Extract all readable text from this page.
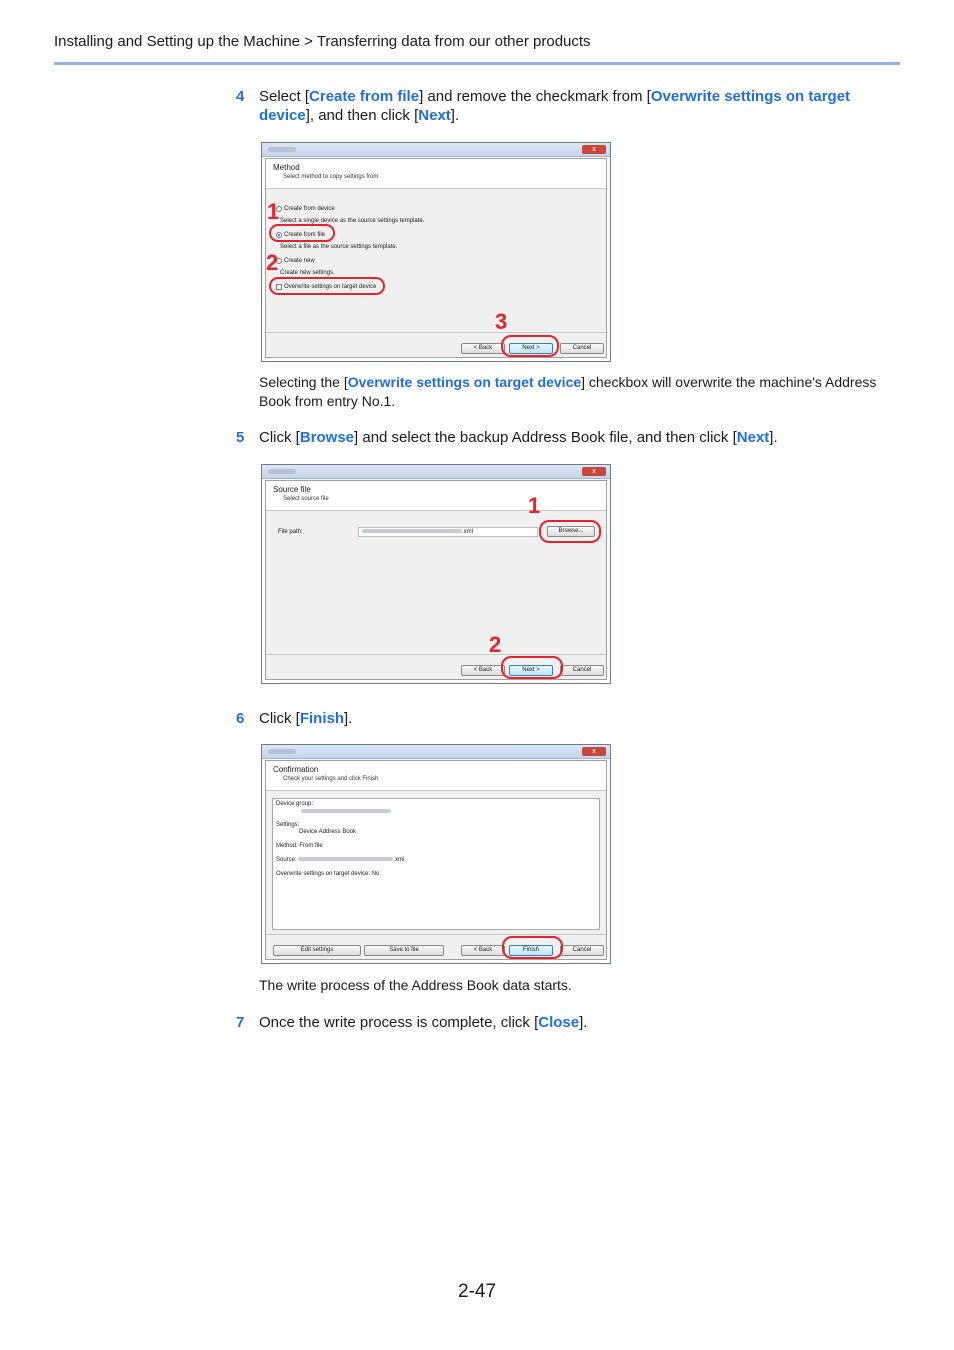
Installing and Setting up the Machine > Transferring data from our other products
4 Select [Create from file] and remove the checkmark from [Overwrite settings on target device], and then click [Next].
x
Method
Select method to copy settings from
Create from device
Select a single device as the source settings template.
Create from file
Select a file as the source settings template.
Create new
Create new settings.
Overwrite settings on target device
< Back	Next >	Cancel
1
2
3
Selecting the [Overwrite settings on target device] checkbox will overwrite the machine's Address Book from entry No.1.
5 Click [Browse] and select the backup Address Book file, and then click [Next].
x
Source file
Select source file
File path:	.xml	Browse...
< Back	Next >	Cancel
1
2
6 Click [Finish].
x
Confirmation
Check your settings and click Finish
Device group:
Settings:
Device Address Book
Method: From file
Source:	.xml
Overwrite settings on target device: No
Edit settings	Save to file	< Back	Finish	Cancel
The write process of the Address Book data starts.
7 Once the write process is complete, click [Close].
2-47
